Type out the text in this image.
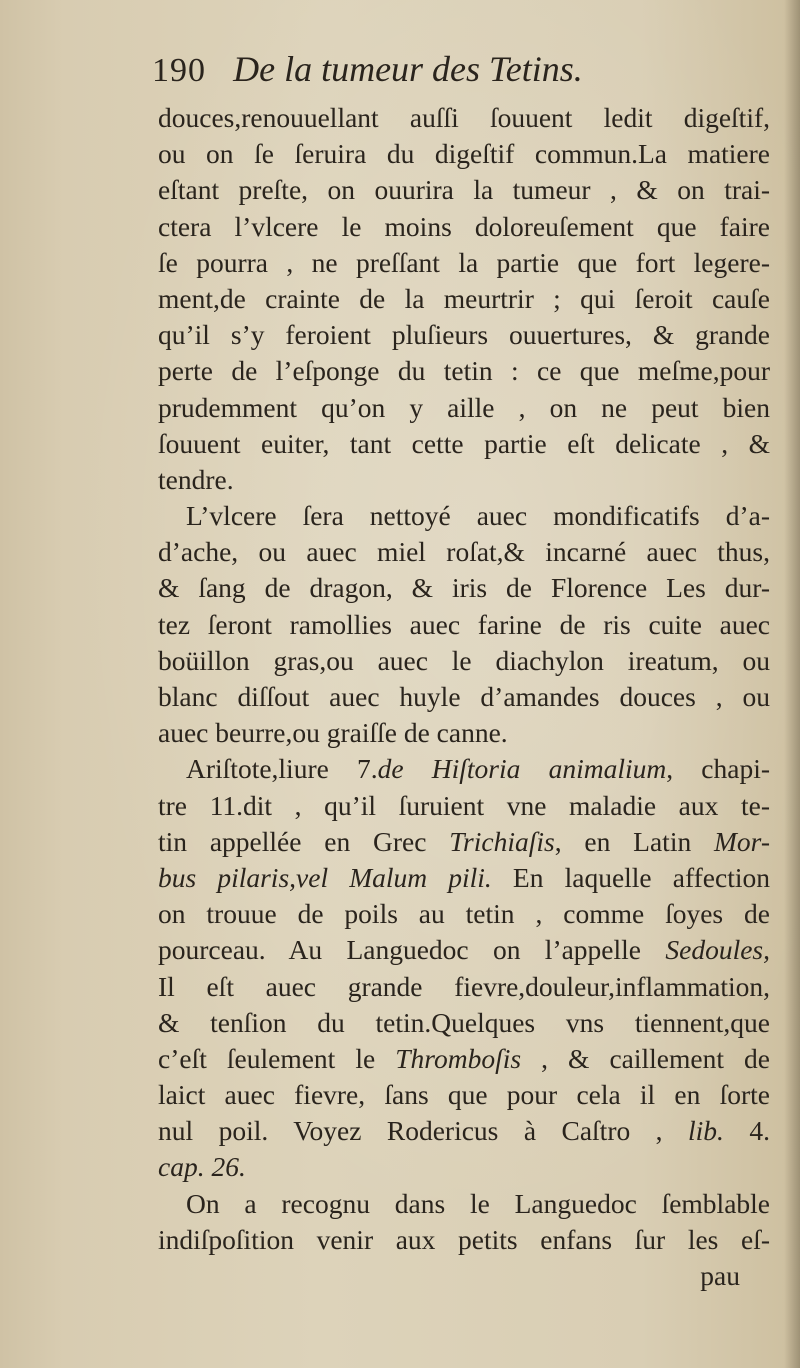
190 De la tumeur des Tetins.
douces,renouuellant auſſi ſouuent ledit digeſtif,
ou on ſe ſeruira du digeſtif commun.La matiere
eſtant preſte, on ouurira la tumeur , & on trai-
ctera l’vlcere le moins doloreuſement que faire
ſe pourra , ne preſſant la partie que fort legere-
ment,de crainte de la meurtrir ; qui ſeroit cauſe
qu’il s’y feroient pluſieurs ouuertures, & grande
perte de l’eſponge du tetin : ce que meſme,pour
prudemment qu’on y aille , on ne peut bien
ſouuent euiter, tant cette partie eſt delicate , &
tendre.
L’vlcere ſera nettoyé auec mondificatifs d’a-
d’ache, ou auec miel roſat,& incarné auec thus,
& ſang de dragon, & iris de Florence Les dur-
tez ſeront ramollies auec farine de ris cuite auec
boüillon gras,ou auec le diachylon ireatum, ou
blanc diſſout auec huyle d’amandes douces , ou
auec beurre,ou graiſſe de canne.
Ariſtote,liure 7.de Hiſtoria animalium, chapi-
tre 11.dit , qu’il ſuruient vne maladie aux te-
tin appellée en Grec Trichiaſis, en Latin Mor-
bus pilaris,vel Malum pili. En laquelle affection
on trouue de poils au tetin , comme ſoyes de
pourceau. Au Languedoc on l’appelle Sedoules,
Il eſt auec grande fievre,douleur,inflammation,
& tenſion du tetin.Quelques vns tiennent,que
c’eſt ſeulement le Thromboſis , & caillement de
laict auec fievre, ſans que pour cela il en ſorte
nul poil. Voyez Rodericus à Caſtro , lib. 4.
cap. 26.
On a recognu dans le Languedoc ſemblable
indiſpoſition venir aux petits enfans ſur les eſ-
pau
